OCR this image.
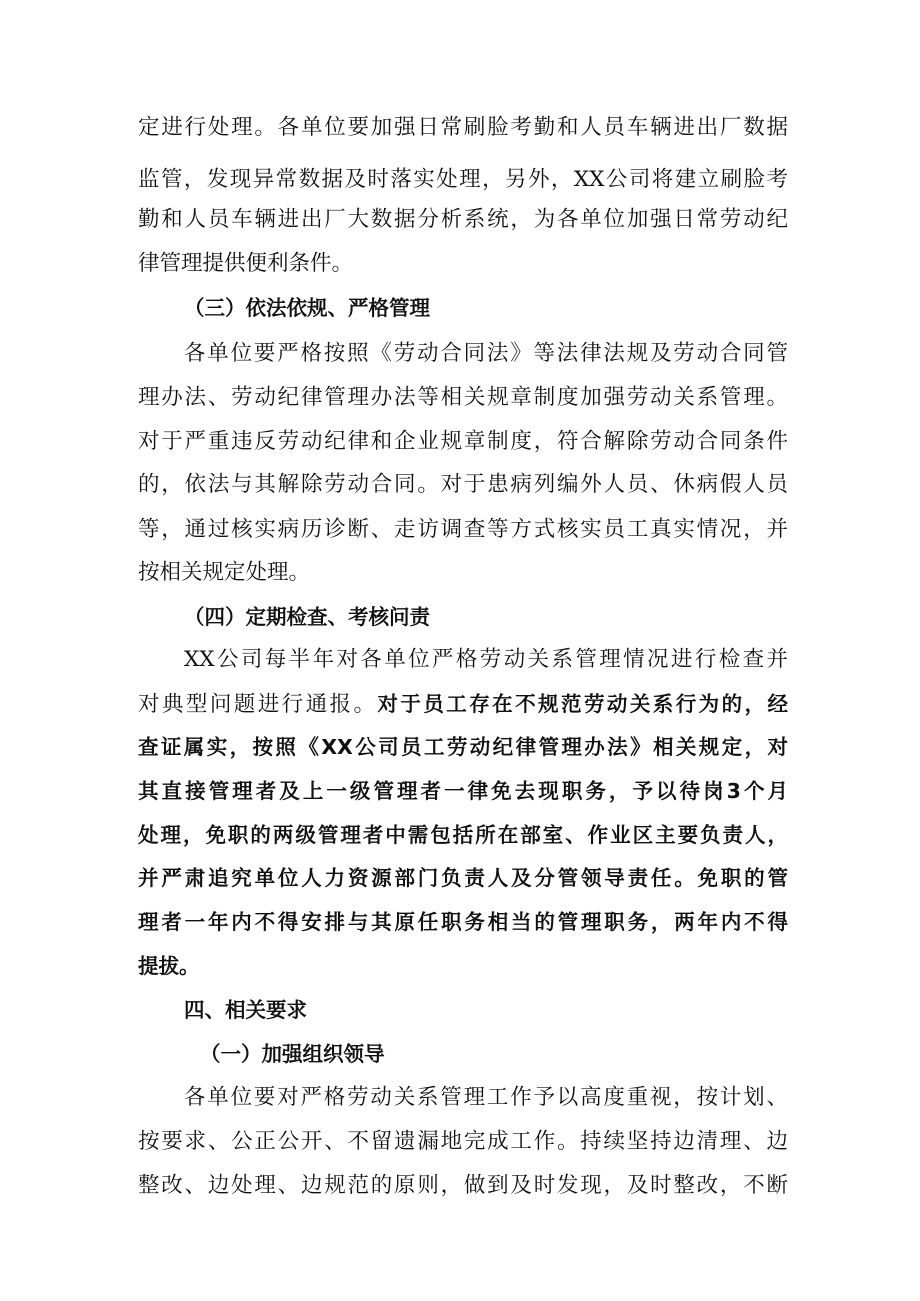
定进行处理。各单位要加强日常刷脸考勤和人员车辆进出厂数据
监管，发现异常数据及时落实处理，另外，XX公司将建立刷脸考
勤和人员车辆进出厂大数据分析系统，为各单位加强日常劳动纪
律管理提供便利条件。
（三）依法依规、严格管理
各单位要严格按照《劳动合同法》等法律法规及劳动合同管
理办法、劳动纪律管理办法等相关规章制度加强劳动关系管理。
对于严重违反劳动纪律和企业规章制度，符合解除劳动合同条件
的，依法与其解除劳动合同。对于患病列编外人员、休病假人员
等，通过核实病历诊断、走访调查等方式核实员工真实情况，并
按相关规定处理。
（四）定期检查、考核问责
XX公司每半年对各单位严格劳动关系管理情况进行检查并
对典型问题进行通报。对于员工存在不规范劳动关系行为的，经
查证属实，按照《XX公司员工劳动纪律管理办法》相关规定，对
其直接管理者及上一级管理者一律免去现职务，予以待岗3个月
处理，免职的两级管理者中需包括所在部室、作业区主要负责人，
并严肃追究单位人力资源部门负责人及分管领导责任。免职的管
理者一年内不得安排与其原任职务相当的管理职务，两年内不得
提拔。
四、相关要求
（一）加强组织领导
各单位要对严格劳动关系管理工作予以高度重视，按计划、
按要求、公正公开、不留遗漏地完成工作。持续坚持边清理、边
整改、边处理、边规范的原则，做到及时发现，及时整改，不断
